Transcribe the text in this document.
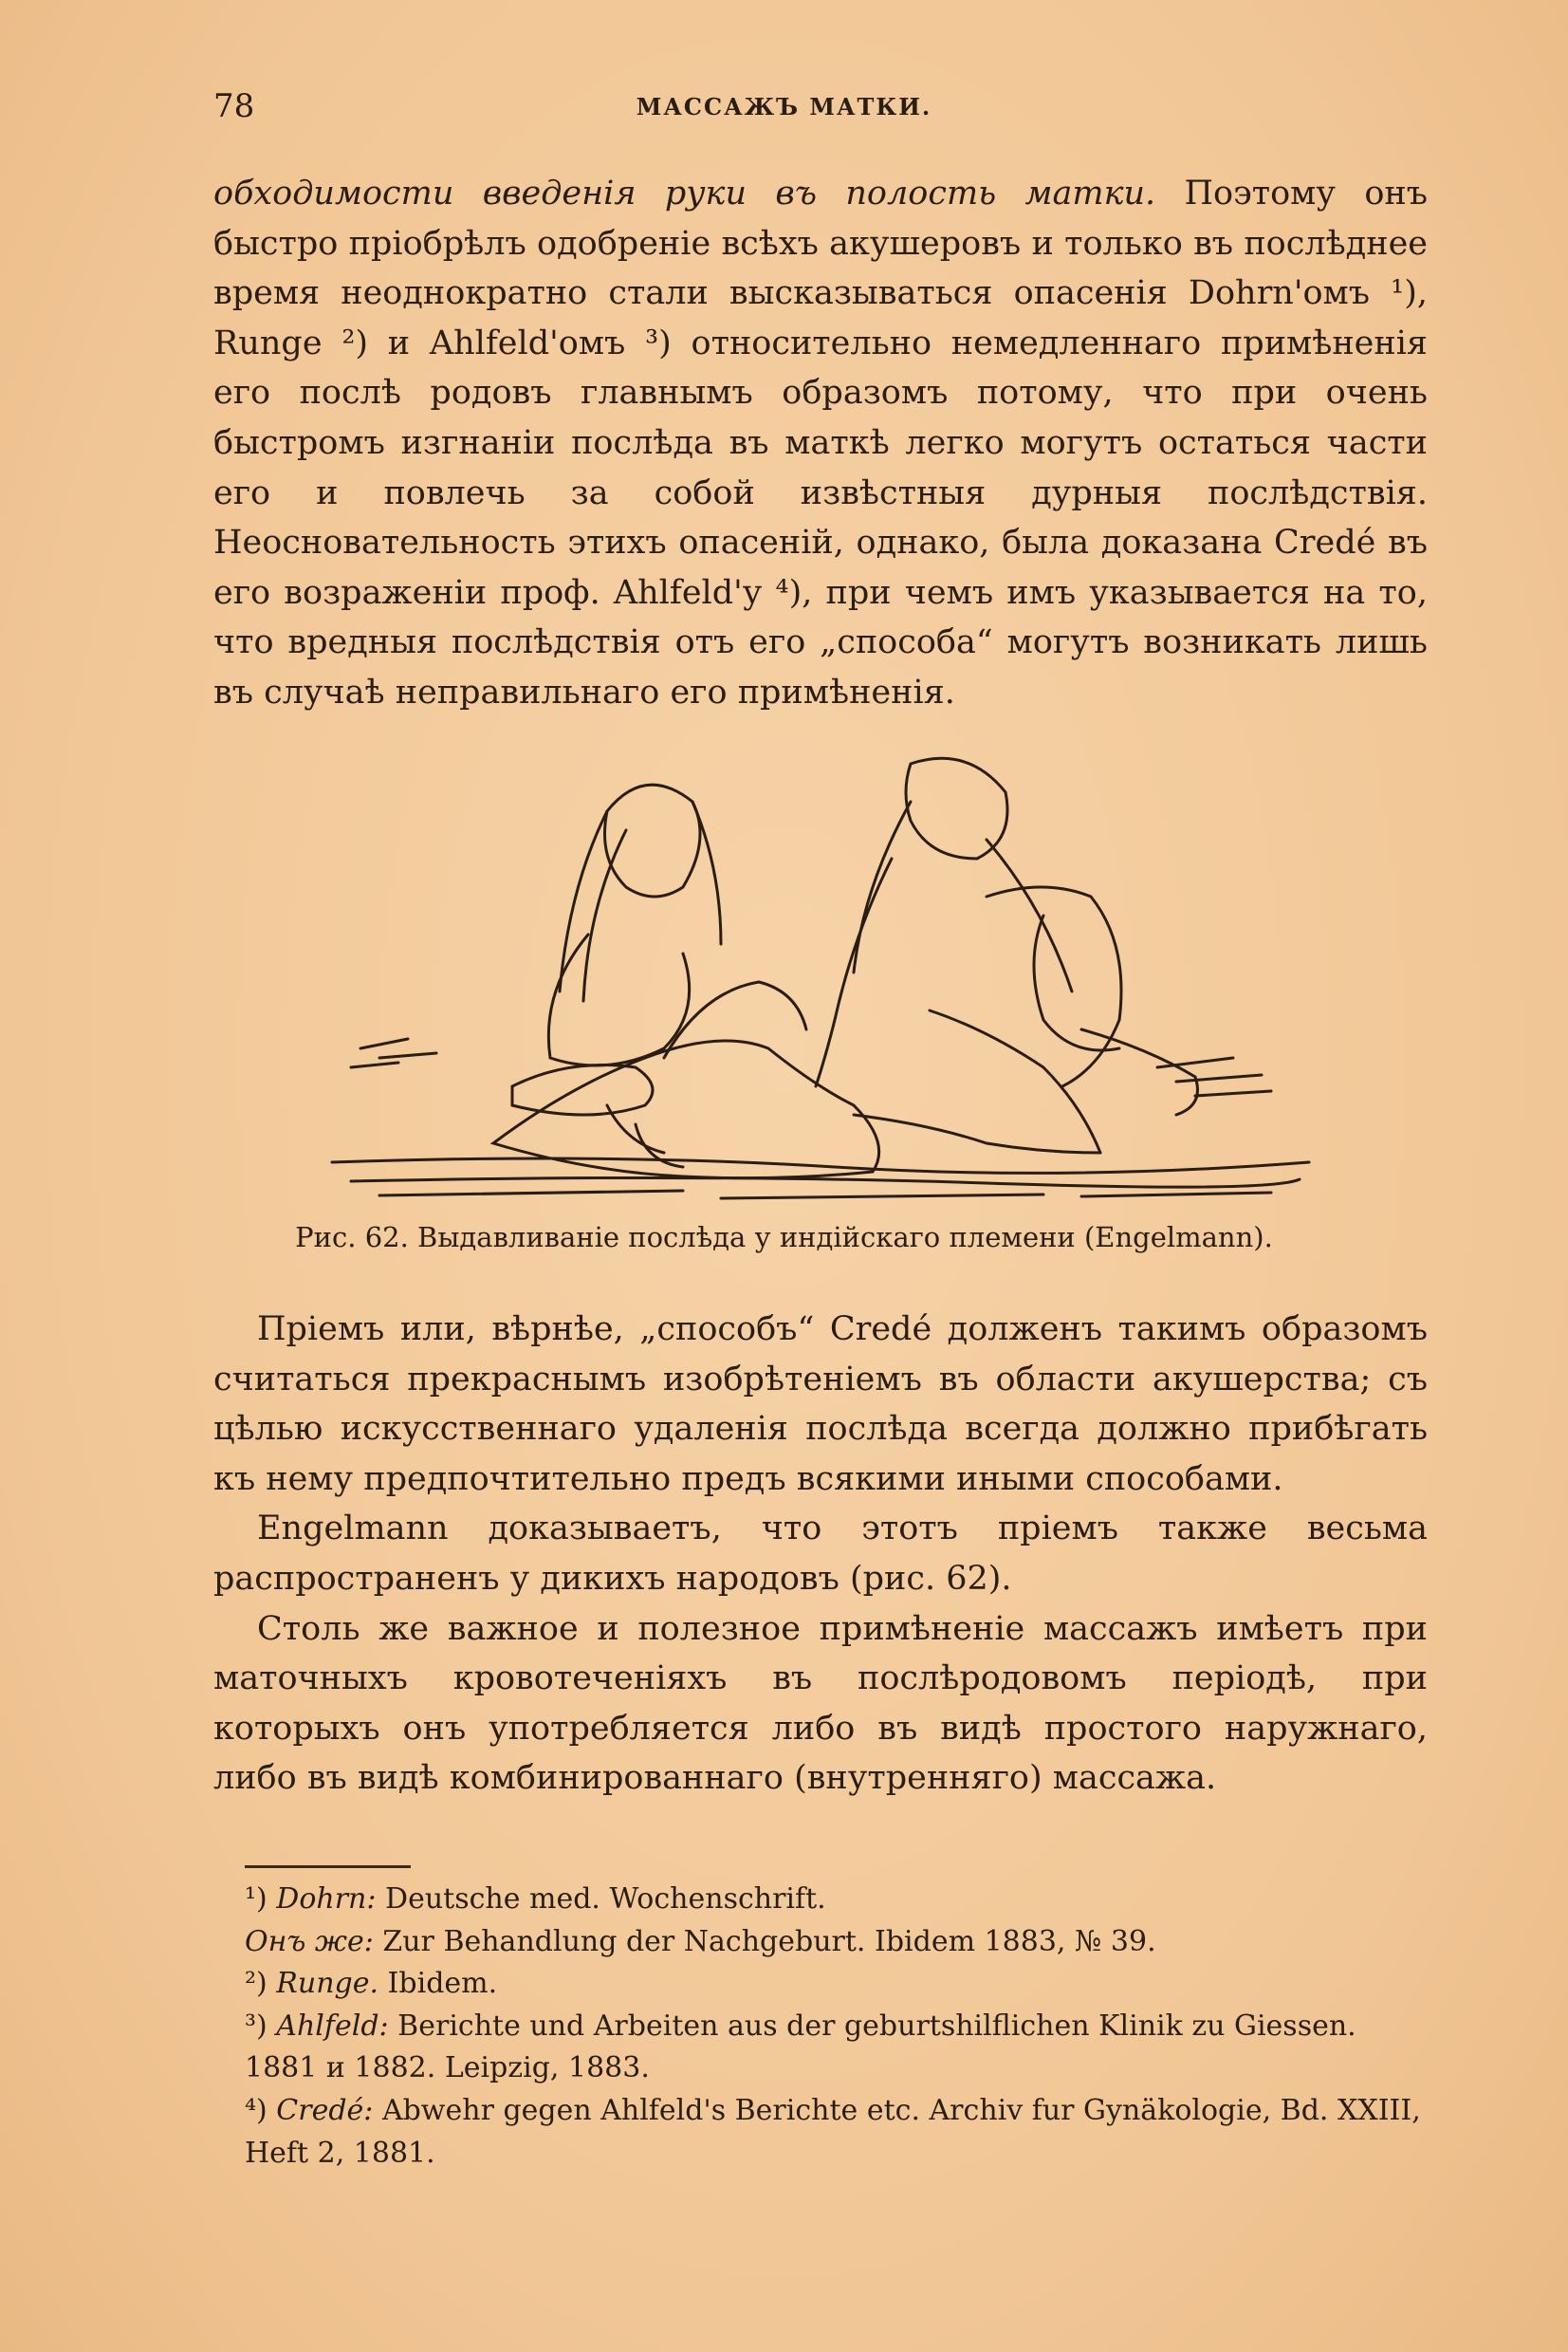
78	МАССАЖЪ МАТКИ.

обходимости введенія руки въ полость матки. Поэтому онъ быстро пріобрѣлъ одобреніе всѣхъ акушеровъ и только въ послѣднее время неоднократно стали высказываться опасенія Dohrn'омъ ¹), Runge ²) и Ahlfeld'омъ ³) относительно немедленнаго примѣненія его послѣ родовъ главнымъ образомъ потому, что при очень быстромъ изгнаніи послѣда въ маткѣ легко могутъ остаться части его и повлечь за собой извѣстныя дурныя послѣдствія. Неосновательность этихъ опасеній, однако, была доказана Credé въ его возраженіи проф. Ahlfeld'у ⁴), при чемъ имъ указывается на то, что вредныя послѣдствія отъ его „способа“ могутъ возникать лишь въ случаѣ неправильнаго его примѣненія.

Рис. 62. Выдавливаніе послѣда у индійскаго племени (Engelmann).

Пріемъ или, вѣрнѣе, „способъ“ Credé долженъ такимъ образомъ считаться прекраснымъ изобрѣтеніемъ въ области акушерства; съ цѣлью искусственнаго удаленія послѣда всегда должно прибѣгать къ нему предпочтительно предъ всякими иными способами.

Engelmann доказываетъ, что этотъ пріемъ также весьма распространенъ у дикихъ народовъ (рис. 62).

Столь же важное и полезное примѣненіе массажъ имѣетъ при маточныхъ кровотеченіяхъ въ послѣродовомъ періодѣ, при которыхъ онъ употребляется либо въ видѣ простого наружнаго, либо въ видѣ комбинированнаго (внутренняго) массажа.

¹) Dohrn: Deutsche med. Wochenschrift.
Онъ же: Zur Behandlung der Nachgeburt. Ibidem 1883, № 39.
²) Runge. Ibidem.
³) Ahlfeld: Berichte und Arbeiten aus der geburtshilflichen Klinik zu Giessen. 1881 и 1882. Leipzig, 1883.
⁴) Credé: Abwehr gegen Ahlfeld's Berichte etc. Archiv fur Gynäkologie, Bd. XXIII, Heft 2, 1881.
